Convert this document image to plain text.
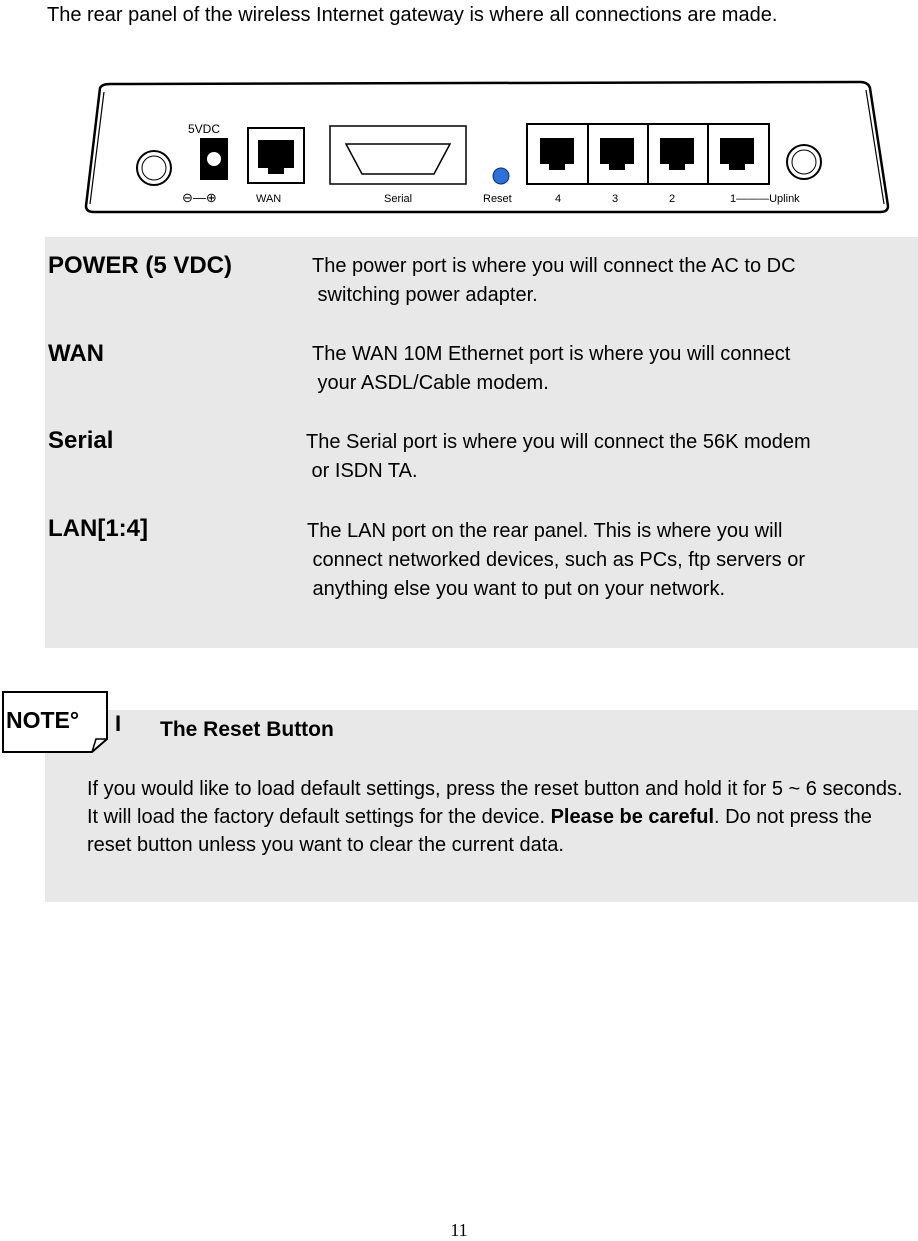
The rear panel of the wireless Internet gateway is where all connections are made.
5VDC
⊖—⊕	WAN	Serial	Reset	4	3	2	1———Uplink
POWER (5 VDC)	The power port is where you will connect the AC to DC
switching power adapter.
WAN	The WAN 10M Ethernet port is where you will connect
your ASDL/Cable modem.
Serial	The Serial port is where you will connect the 56K modem
or ISDN TA.
LAN[1:4]	The LAN port on the rear panel. This is where you will
connect networked devices, such as PCs, ftp servers or
anything else you want to put on your network.
NOTE° I The Reset Button
If you would like to load default settings, press the reset button and hold it for 5 ~ 6 seconds. It will load the factory default settings for the device. Please be careful. Do not press the reset button unless you want to clear the current data.
11
